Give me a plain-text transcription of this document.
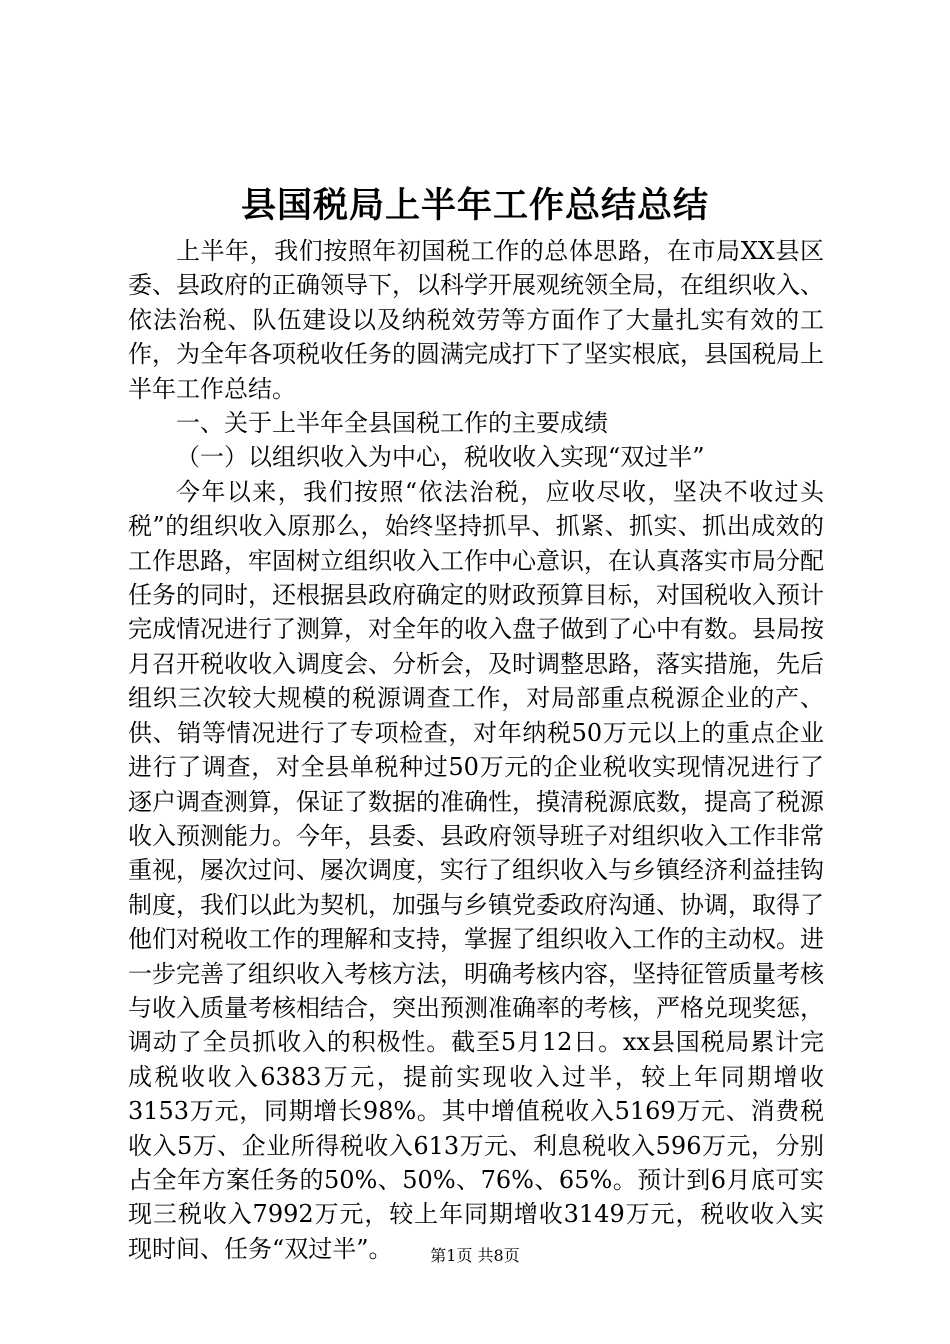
县国税局上半年工作总结总结

上半年，我们按照年初国税工作的总体思路，在市局XX县区委、县政府的正确领导下，以科学开展观统领全局，在组织收入、依法治税、队伍建设以及纳税效劳等方面作了大量扎实有效的工作，为全年各项税收任务的圆满完成打下了坚实根底，县国税局上半年工作总结。

一、关于上半年全县国税工作的主要成绩

（一）以组织收入为中心，税收收入实现“双过半”

今年以来，我们按照“依法治税，应收尽收，坚决不收过头税”的组织收入原那么，始终坚持抓早、抓紧、抓实、抓出成效的工作思路，牢固树立组织收入工作中心意识，在认真落实市局分配任务的同时，还根据县政府确定的财政预算目标，对国税收入预计完成情况进行了测算，对全年的收入盘子做到了心中有数。县局按月召开税收收入调度会、分析会，及时调整思路，落实措施，先后组织三次较大规模的税源调查工作，对局部重点税源企业的产、供、销等情况进行了专项检查，对年纳税50万元以上的重点企业进行了调查，对全县单税种过50万元的企业税收实现情况进行了逐户调查测算，保证了数据的准确性，摸清税源底数，提高了税源收入预测能力。今年，县委、县政府领导班子对组织收入工作非常重视，屡次过问、屡次调度，实行了组织收入与乡镇经济利益挂钩制度，我们以此为契机，加强与乡镇党委政府沟通、协调，取得了他们对税收工作的理解和支持，掌握了组织收入工作的主动权。进一步完善了组织收入考核方法，明确考核内容，坚持征管质量考核与收入质量考核相结合，突出预测准确率的考核，严格兑现奖惩，调动了全员抓收入的积极性。截至5月12日。xx县国税局累计完成税收收入6383万元，提前实现收入过半，较上年同期增收3153万元，同期增长98%。其中增值税收入5169万元、消费税收入5万、企业所得税收入613万元、利息税收入596万元，分别占全年方案任务的50%、50%、76%、65%。预计到6月底可实现三税收入7992万元，较上年同期增收3149万元，税收收入实现时间、任务“双过半”。	第1页 共8页
